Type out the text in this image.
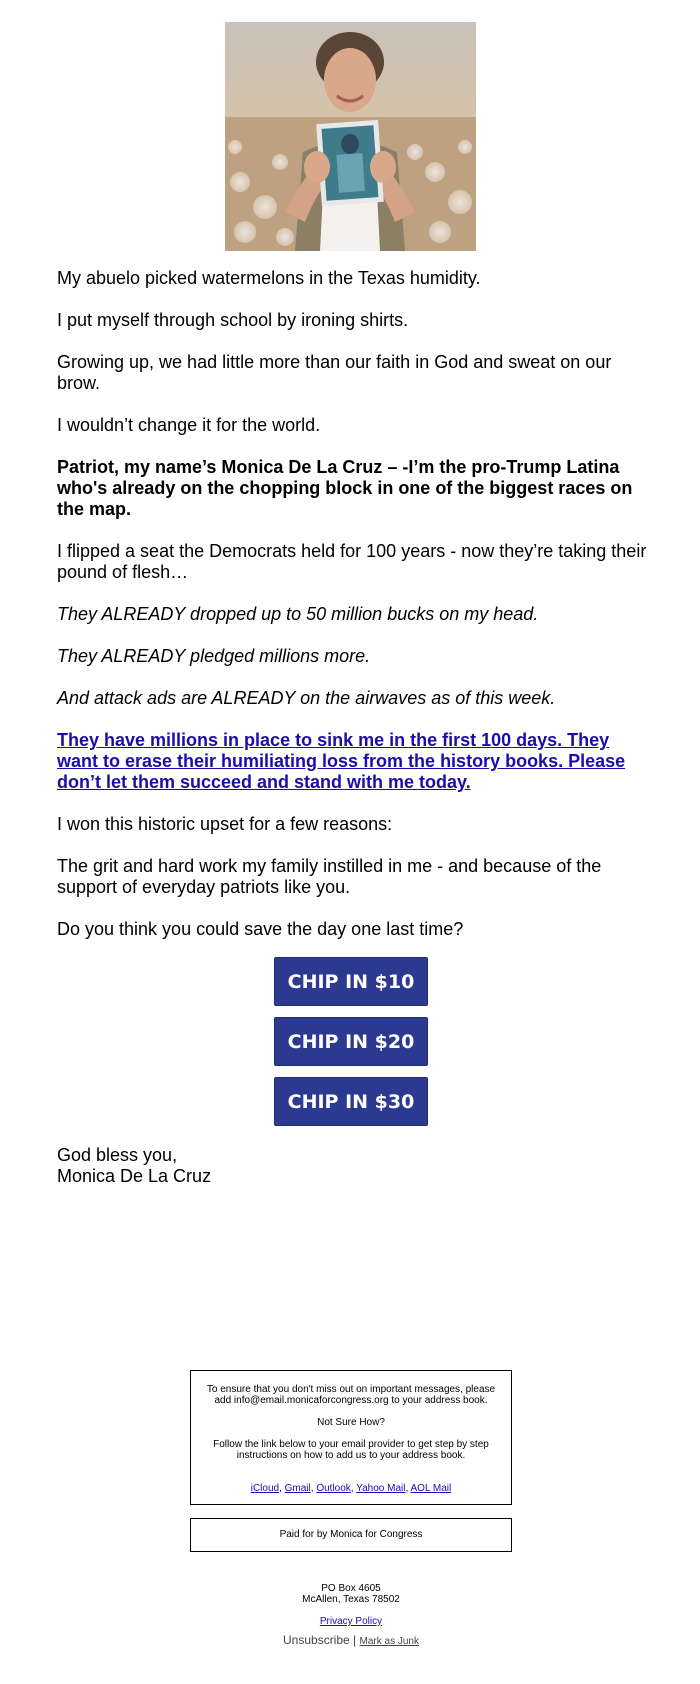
My abuelo picked watermelons in the Texas humidity.

I put myself through school by ironing shirts.

Growing up, we had little more than our faith in God and sweat on our brow.

I wouldn’t change it for the world.

Patriot, my name’s Monica De La Cruz – -I’m the pro-Trump Latina who's already on the chopping block in one of the biggest races on the map.

I flipped a seat the Democrats held for 100 years - now they’re taking their pound of flesh…

They ALREADY dropped up to 50 million bucks on my head.

They ALREADY pledged millions more.

And attack ads are ALREADY on the airwaves as of this week.

They have millions in place to sink me in the first 100 days. They want to erase their humiliating loss from the history books. Please don’t let them succeed and stand with me today.

I won this historic upset for a few reasons:

The grit and hard work my family instilled in me - and because of the support of everyday patriots like you.

Do you think you could save the day one last time?

CHIP IN $10
CHIP IN $20
CHIP IN $30
God bless you,
Monica De La Cruz

To ensure that you don't miss out on important messages, please add info@email.monicaforcongress.org to your address book.

Not Sure How?

Follow the link below to your email provider to get step by step instructions on how to add us to your address book.

iCloud, Gmail, Outlook, Yahoo Mail, AOL Mail

Paid for by Monica for Congress
PO Box 4605
McAllen, Texas 78502
Privacy Policy
Unsubscribe | Mark as Junk
